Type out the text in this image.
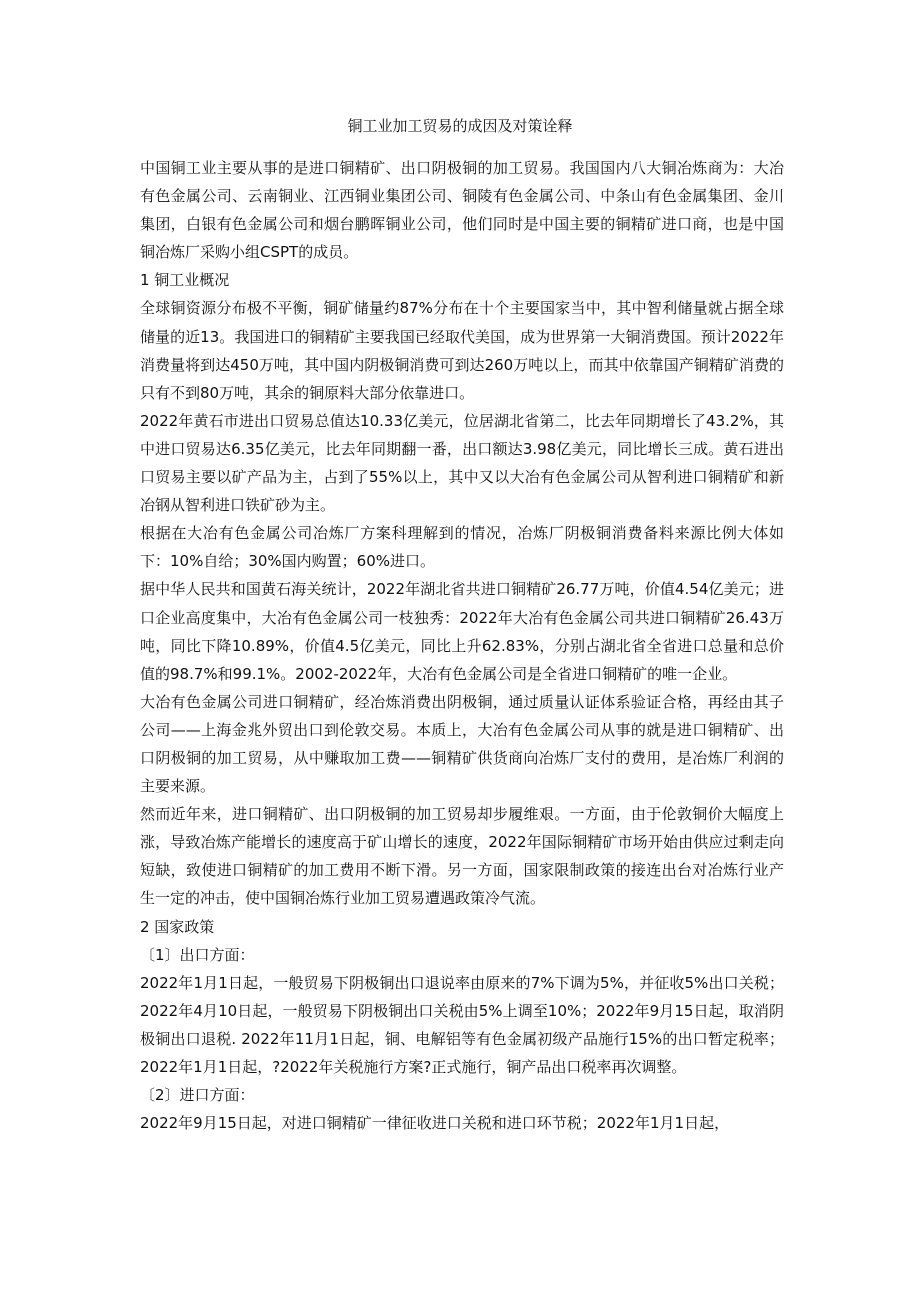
铜工业加工贸易的成因及对策诠释

中国铜工业主要从事的是进口铜精矿、出口阴极铜的加工贸易。我国国内八大铜冶炼商为：大冶有色金属公司、云南铜业、江西铜业集团公司、铜陵有色金属公司、中条山有色金属集团、金川集团，白银有色金属公司和烟台鹏晖铜业公司，他们同时是中国主要的铜精矿进口商，也是中国铜冶炼厂采购小组CSPT的成员。

1 铜工业概况

全球铜资源分布极不平衡，铜矿储量约87%分布在十个主要国家当中，其中智利储量就占据全球储量的近13。我国进口的铜精矿主要我国已经取代美国，成为世界第一大铜消费国。预计2022年消费量将到达450万吨，其中国内阴极铜消费可到达260万吨以上，而其中依靠国产铜精矿消费的只有不到80万吨，其余的铜原料大部分依靠进口。

2022年黄石市进出口贸易总值达10.33亿美元，位居湖北省第二，比去年同期增长了43.2%，其中进口贸易达6.35亿美元，比去年同期翻一番，出口额达3.98亿美元，同比增长三成。黄石进出口贸易主要以矿产品为主，占到了55%以上，其中又以大冶有色金属公司从智利进口铜精矿和新冶钢从智利进口铁矿砂为主。

根据在大冶有色金属公司冶炼厂方案科理解到的情况，冶炼厂阴极铜消费备料来源比例大体如下：10%自给；30%国内购置；60%进口。

据中华人民共和国黄石海关统计，2022年湖北省共进口铜精矿26.77万吨，价值4.54亿美元；进口企业高度集中，大冶有色金属公司一枝独秀：2022年大冶有色金属公司共进口铜精矿26.43万吨，同比下降10.89%，价值4.5亿美元，同比上升62.83%，分别占湖北省全省进口总量和总价值的98.7%和99.1%。2002-2022年，大冶有色金属公司是全省进口铜精矿的唯一企业。

大冶有色金属公司进口铜精矿，经冶炼消费出阴极铜，通过质量认证体系验证合格，再经由其子公司——上海金兆外贸出口到伦敦交易。本质上，大冶有色金属公司从事的就是进口铜精矿、出口阴极铜的加工贸易，从中赚取加工费——铜精矿供货商向冶炼厂支付的费用，是冶炼厂利润的主要来源。

然而近年来，进口铜精矿、出口阴极铜的加工贸易却步履维艰。一方面，由于伦敦铜价大幅度上涨，导致冶炼产能增长的速度高于矿山增长的速度，2022年国际铜精矿市场开始由供应过剩走向短缺，致使进口铜精矿的加工费用不断下滑。另一方面，国家限制政策的接连出台对冶炼行业产生一定的冲击，使中国铜冶炼行业加工贸易遭遇政策冷气流。

2 国家政策

〔1〕出口方面：

2022年1月1日起，一般贸易下阴极铜出口退说率由原来的7%下调为5%，并征收5%出口关税；2022年4月10日起，一般贸易下阴极铜出口关税由5%上调至10%；2022年9月15日起，取消阴极铜出口退税. 2022年11月1日起，铜、电解铝等有色金属初级产品施行15%的出口暂定税率；2022年1月1日起，?2022年关税施行方案?正式施行，铜产品出口税率再次调整。

〔2〕进口方面：

2022年9月15日起，对进口铜精矿一律征收进口关税和进口环节税；2022年1月1日起，
